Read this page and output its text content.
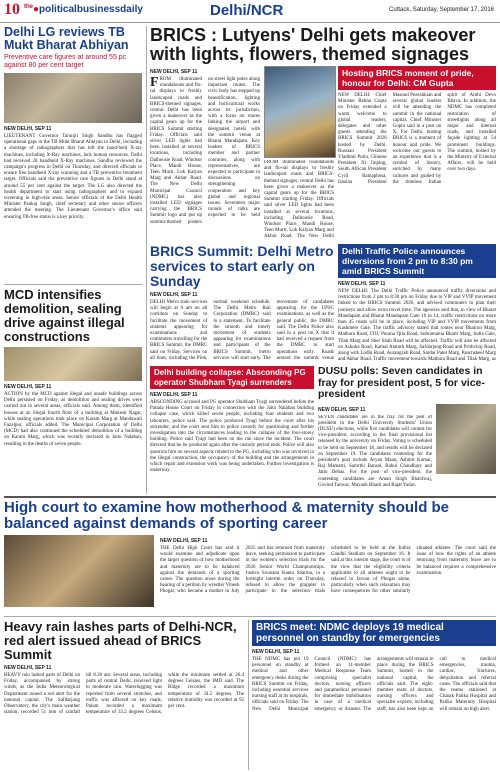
10 $^{the}$●politicalbusinessdaily	Delhi/NCR	Cuttack, Saturday, September 17, 2016
Delhi LG reviews TB Mukt Bharat Abhiyan
Preventive care figures at around 55 pc against 80 per cent target
NEW DELHI, SEP 11
LIEUTENANT Governor Tarunjit Singh Sandhu has flagged operational gaps in the TB Mukt Bharat Abhiyan in Delhi, including a shortage of radiographers that has left the hand-held X-ray machines, including X-Ray machines, lack human resources. Delhi had received 28 handheld X-Ray machines. Sandhu reviewed the campaign's progress in Delhi on Thursday, and directed officials to ensure free handheld X-ray scanning and a TB preventive treatment target. Officials said the preventive care figures in Delhi stand at around 55 per cent against the target. The LG also directed the health department to start using radiographers and to expand screening in high-risk areas. Senior officials of the Delhi Health Minister Pankaj Singh, chief secretary and other senior officers attended the meeting. The Lieutenant Governor's office said ensuring TB-free status is a key priority.
MCD intensifies demolition, sealing drive against illegal constructions
NEW DELHI, SEP 11
ACTION by the MCD against illegal and unsafe buildings across Delhi persisted on Friday, as demolition and sealing drives were carried out in several areas, officials said. Among them, identified houses at an illegal fourth floor of a building at Mukesh Nagar, while sealing operations took place on Karam Marg at Mandawali Fazalpur, officials added. The Municipal Corporation of Delhi (MCD) had also continued the scheduled demolition of a building on Karam Marg, which was recently declared in Jaitu Nalaban, resulting in the deaths of seven people.
BRICS : Lutyens' Delhi gets makeover with lights, flowers, themed signages
NEW DELHI, SEP 11
FROM illuminated roundabouts and flo-ral displays to freshly landscaped roads and BRICS-themed signages, central Delhi has been given a makeover as the capital gears up for the BRICS Summit starting Friday. Officials said silver LED lights had been installed at several locations, including Dalhousie Road, Windsor Place, Mandi House, Teen Murti, Lok Kalyan Marg and Akbar Road. The New Delhi Municipal Council (NDMC) has also installed LED signages carrying the BRICS Summit logo and put up summit-themed posters on street light poles along important routes. The civic body has stepped up beautification, lighting and horticultural works across its jurisdiction, with a focus on routes linking the airport and designated hotels with the summit venue at Bharat Mandapam. Key leaders of BRICS member and partner countries, along with representatives, are expected to participate in discussions on strengthening cooperation and key global and regional issues. Seventeen major rounds of talks are expected to be held
FROM illuminated roundabouts and flo-ral displays to freshly landscaped roads and BRICS-themed signages, central Delhi has been given a makeover as the capital gears up for the BRICS Summit starting Friday. Officials said silver LED lights had been installed at several locations, including Dalhousie Road, Windsor Place, Mandi House, Teen Murti, Lok Kalyan Marg and Akbar Road. The New Delhi
Hosting BRICS moment of pride, honour for Delhi: CM Gupta
NEW DELHI: Chief Minister Rekha Gupta on Friday extended a warm welcome to global leaders, delegates and other guests attending the BRICS Summit 2026 hosted by Delhi. Russian President Vladimir Putin, Chinese President Xi Jinping, South African President Cyril Ramaphosa, Iranian President Masoud Pezeshkian and several global leaders will be attending the summit in the national capital. Chief Minister Gupta said in a post on X, For Delhi, hosting BRICS is a moment of honour and pride. We welcome our guests to an experience that is a symbol of history, enriched by many cultures and guided by the timeless Indian spirit of Atithi Devo Bhava. In addition, the NDMC has completed restoration of streetlights along all major and internal roads, and installed façade lighting at 54 prominent buildings. The summit, hosted by the Ministry of External Affairs, will be held over two days.
BRICS Summit: Delhi Metro services to start early on Sunday
NEW DELHI, SEP 11
DELHI Metro train services will begin at 6 am on all corridors on Sunday to facilitate the movement of students appearing for examinations and commuters travelling for the BRICS Summit, the DMRC said on Friday. Services on all lines, including the Pink, normal weekend schedule. The Delhi Metro Rail Corporation (DMRC) said in a statement, To facilitate the smooth and timely movement of students appearing for examinations and participants of the BRICS Summit, metro services will start early. The movement of candidates appearing for the UPSC examinations, as well as the general public, the DMRC said. The Delhi Police also said in a post on X that it had received a request from the DMRC to start operations early. Roads around the summit venue
Delhi Traffic Police announces diversions from 2 pm to 8:30 pm amid BRICS Summit
NEW DELHI, SEP 11
NEW DELHI: The Delhi Traffic Police announced traffic diversions and restrictions from 2 pm to 8:30 pm on Friday due to VIP and VVIP movement linked to the BRICS Summit 2026, and advised commuters to plan their journeys and allow extra travel time. The agencies said that, in view of Bharat Mandapam and Bharat Mandapam Gate 10 to 14, traffic restrictions on more than 45 roads will be in place, including VIP and VVIP movements from Kashmere Gate. The traffic advisory stated that routes near Bhairon Marg, Mathura Road, ITO, Purana Qila Road, Subramania Bharti Marg, India Gate, Tilak Marg and Sher Shah Road will be affected. Traffic will also be affected on Ashoka Road, Kamal Ataturk Marg, Safdarjung Road and Prithviraj Road, along with Lodhi Road, Aurangzeb Road, Sardar Patel Marg, Panchsheel Marg and Akbar Road. Traffic movement towards Mathura Road and Tilak Marg, as
Delhi building collapse: Absconding PG operator Shubham Tyagi surrenders
NEW DELHI, SEP 11
ABSCONDING accused and PG operator Shubham Tyagi surrendered before the Patiala House Court on Friday in connection with the Jaitu Nalaban building collapse case, which killed seven people, including four students and two labourers, police said. The police produced Tyagi before the court after his surrender, and the court sent him to police custody for questioning and further investigation into the circumstances leading to the collapse of the four-storey building. Police said Tyagi had been on the run since the incident. The court directed that he be produced again after the custody period ends. Police will also question him on several aspects related to the PG, including who was involved in the illegal construction, the occupancy of the building and the arrangements in which repair and extension work was being undertaken. Further investigation is underway.
DUSU polls: Seven candidates in fray for president post, 5 for vice-president
NEW DELHI, SEP 11
SEVEN candidates are in the fray for the post of president in the Delhi University Students' Union (DUSU) elections, while five candidates will contest for vice-president, according to the final provisional list released by the university on Friday. Voting is scheduled to be held on September 18, and results will be declared on September 19. The candidates contesting for the president's post include Aryan Maan, Ashmit Kumar, Raj Mamatri, Samrthi Bansal, Rahul Chaudhary and Jatin Debas. For the post of vice-president, the contesting candidates are Aman Singh Bhardwaj, Govind Tanwar, Mayank Bharti and Rajat Yadav.
High court to examine how motherhood & maternity should be balanced against demands of sporting career
NEW DELHI, SEP 11
THE Delhi High Court has said it would examine and adjudicate upon the larger question of how motherhood and maternity are to be balanced against the demands of a sporting career. The question arose during the hearing of a petition by wrestler Vinesh Phogat, who became a mother in July 2025 and has returned from maternity leave, seeking permission to participate in the women's selection trials for the 2026 Senior World Championships. Justice Swarana Kanta Sharma, in a fortnight interim order on Thursday, refused to allow the grappler to participate in the selection trials scheduled to be held at the Indira Gandhi Stadium on September 16. It said at this interim stage, the court is of the view that the eligibility criteria applicable to all athletes ought to be relaxed in favour of Phogat alone, particularly when such relaxation may have consequences for other similarly situated athletes. The court said the issue of how the rights of an athlete returning from maternity leave are to be balanced requires a comprehensive examination.
Heavy rain lashes parts of Delhi-NCR, red alert issued ahead of BRICS Summit
NEW DELHI, SEP 11
HEAVY rain lashed parts of Delhi on Friday, accompanied by strong winds, as the India Meteorological Department issued a red alert for the national capital. The Safdarjung Observatory, the city's main weather station, recorded 51 mm of rainfall till 8.30 am. Several areas, including parts of central Delhi, received light to moderate rain. Waterlogging was reported from several stretches, and traffic was affected on key roads. Palam recorded a maximum temperature of 33.2 degrees Celsius, while the minimum settled at 26.4 degrees Celsius, the IMD said. The Ridge recorded a maximum temperature of 34.5 degrees. The relative humidity was recorded at 92 per cent.
BRICS meet: NDMC deploys 19 medical personnel on standby for emergencies
NEW DELHI, SEP 11
THE NDMC has put 19 personnel on standby at medical and other emergency desks during the BRICS Summit on Friday, including essential services nursing staff at its hospitals, officials said on Friday. The New Delhi Municipal Council (NDMC) has formed an 11-member Medical Response Team comprising specialist doctors, nursing officers and paramedical personnel for immediate mobilisation in case of a medical emergency or disaster. The arrangements will remain in place during the BRICS Summit, hosted in the national capital, the officials said. The eight-member team of doctors, nursing officers and specialist experts, including staff, has also been kept on call to medical emergencies, trauma, cardiac, fractures, dehydration and referral cases. The officials said that the teams stationed at Charak Palika Hospital and Palika Maternity Hospital will remain on high alert.
